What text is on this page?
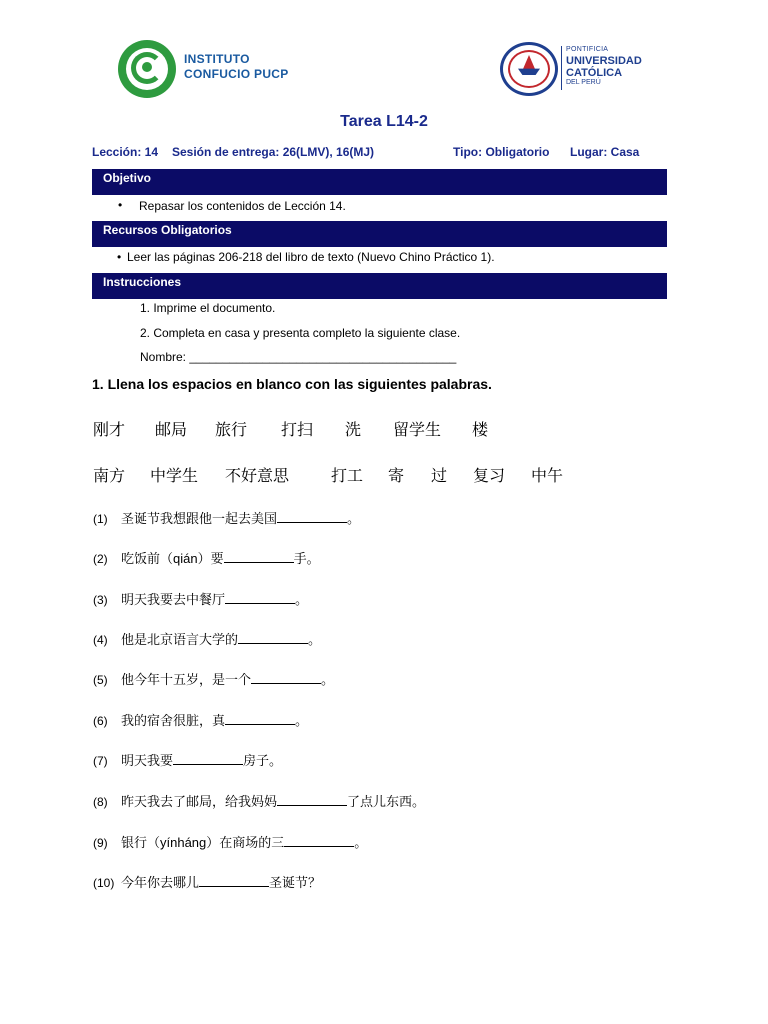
INSTITUTO
CONFUCIO PUCP
PONTIFICIA
UNIVERSIDAD
CATÓLICA
DEL PERÚ
Tarea L14-2
Lección: 14 Sesión de entrega: 26(LMV), 16(MJ)	Tipo: Obligatorio Lugar: Casa
Objetivo
• Repasar los contenidos de Lección 14.
Recursos Obligatorios
• Leer las páginas 206-218 del libro de texto (Nuevo Chino Práctico 1).
Instrucciones
1. Imprime el documento.
2. Completa en casa y presenta completo la siguiente clase.
Nombre: ________________________________________
1. Llena los espacios en blanco con las siguientes palabras.
刚才 邮局 旅行 打扫 洗 留学生 楼
南方 中学生 不好意思	打工 寄 过 复习 中午
(1) 圣诞节我想跟他一起去美国	。
(2) 吃饭前（qián）要	手。
(3) 明天我要去中餐厅	。
(4) 他是北京语言大学的	。
(5) 他今年十五岁，是一个	。
(6) 我的宿舍很脏，真	。
(7) 明天我要	房子。
(8) 昨天我去了邮局，给我妈妈	了点儿东西。
(9) 银行（yínháng）在商场的三	。
(10) 今年你去哪儿	圣诞节？
